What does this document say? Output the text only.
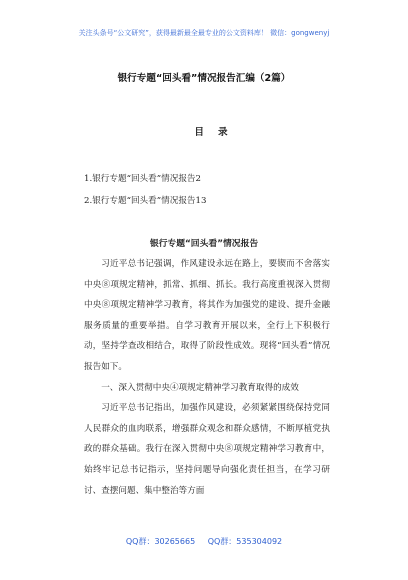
关注头条号“公文研究”，获得最新最全最专业的公文资料库！ 微信：gongwenyj
银行专题“回头看”情况报告汇编（2篇）
目录
1.银行专题“回头看”情况报告2
2.银行专题“回头看”情况报告13
银行专题“回头看”情况报告

习近平总书记强调，作风建设永远在路上，要锲而不舍落实中央⑧项规定精神，抓常、抓细、抓长。我行高度重视深入贯彻中央⑧项规定精神学习教育，将其作为加强党的建设、提升金融服务质量的重要举措。自学习教育开展以来，全行上下积极行动，坚持学查改相结合，取得了阶段性成效。现将“回头看”情况报告如下。

一、深入贯彻中央④项规定精神学习教育取得的成效

习近平总书记指出，加强作风建设，必须紧紧围绕保持党同人民群众的血肉联系，增强群众观念和群众感情，不断厚植党执政的群众基础。我行在深入贯彻中央⑧项规定精神学习教育中，始终牢记总书记指示，坚持问题导向强化责任担当，在学习研讨、查摆问题、集中整治等方面

QQ群：30265665 QQ群：535304092
